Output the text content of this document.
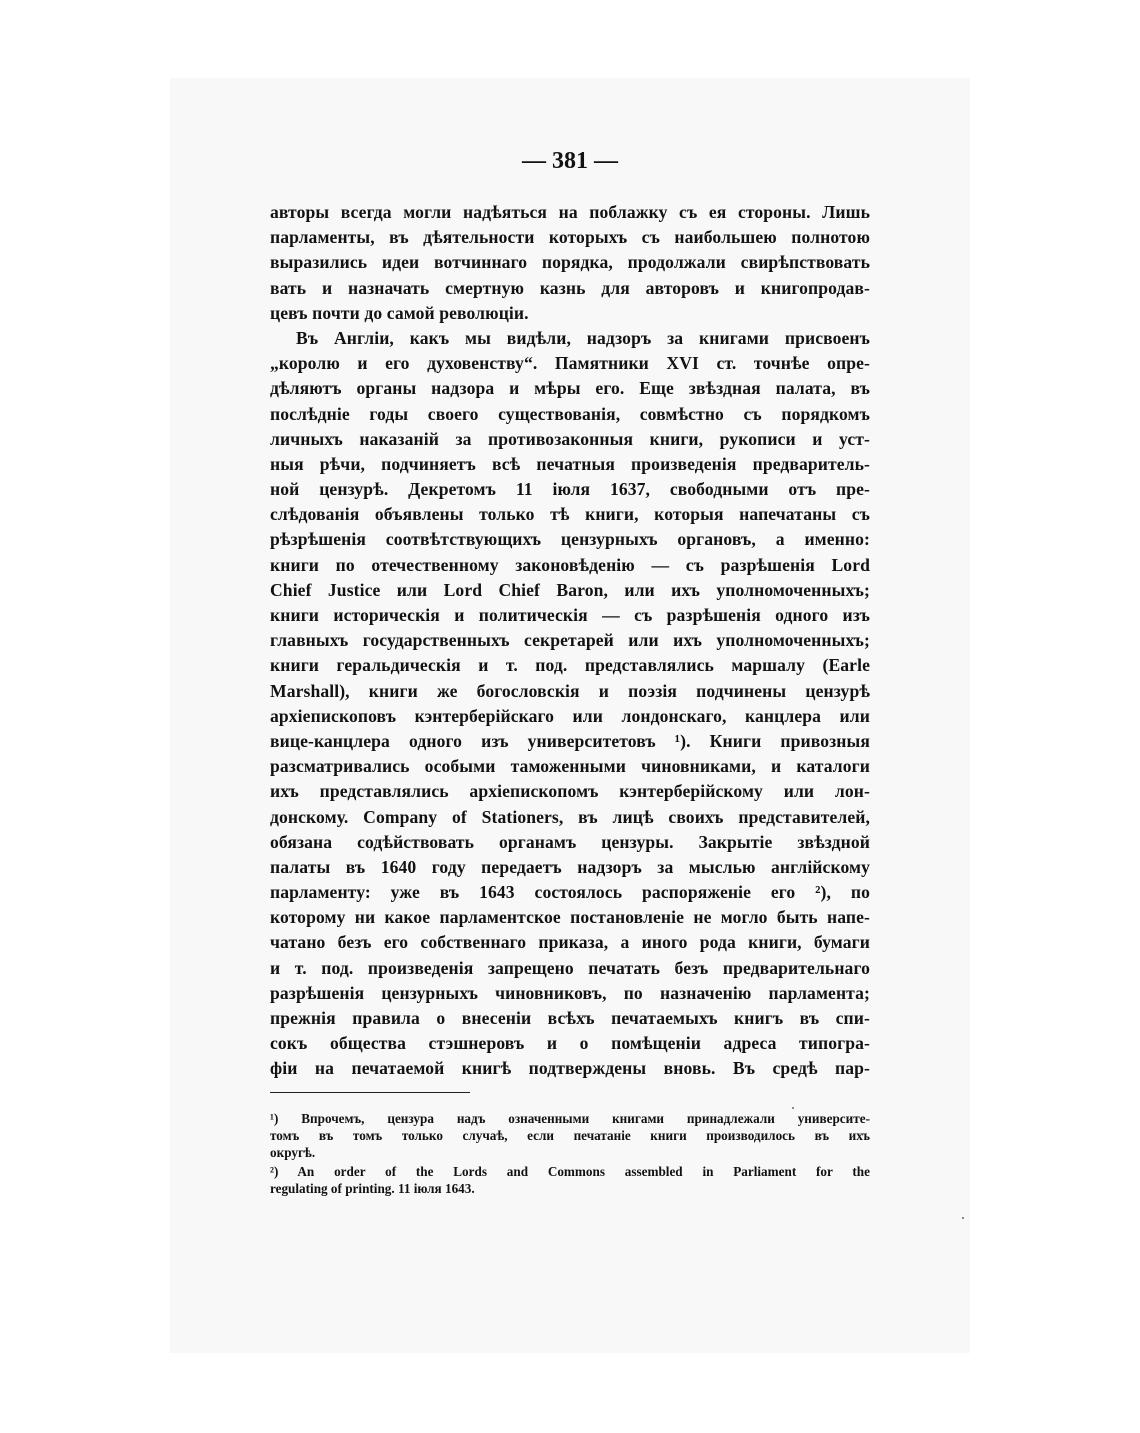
— 381 —
авторы всегда могли надѣяться на поблажку съ ея стороны. Лишь
парламенты, въ дѣятельности которыхъ съ наибольшею полнотою
выразились идеи вотчиннаго порядка, продолжали свирѣпствовать
вать и назначать смертную казнь для авторовъ и книгопродав-
цевъ почти до самой революціи.
Въ Англіи, какъ мы видѣли, надзоръ за книгами присвоенъ
„королю и его духовенству“. Памятники XVI ст. точнѣе опре-
дѣляютъ органы надзора и мѣры его. Еще звѣздная палата, въ
послѣдніе годы своего существованія, совмѣстно съ порядкомъ
личныхъ наказаній за противозаконныя книги, рукописи и уст-
ныя рѣчи, подчиняетъ всѣ печатныя произведенія предваритель-
ной цензурѣ. Декретомъ 11 іюля 1637, свободными отъ пре-
слѣдованія объявлены только тѣ книги, которыя напечатаны съ
рѣзрѣшенія соотвѣтствующихъ цензурныхъ органовъ, а именно:
книги по отечественному законовѣденію — съ разрѣшенія Lord
Chief Justice или Lord Chief Baron, или ихъ уполномоченныхъ;
книги историческія и политическія — съ разрѣшенія одного изъ
главныхъ государственныхъ секретарей или ихъ уполномоченныхъ;
книги геральдическія и т. под. представлялись маршалу (Earle
Marshall), книги же богословскія и поэзія подчинены цензурѣ
архіепископовъ кэнтерберійскаго или лондонскаго, канцлера или
вице-канцлера одного изъ университетовъ ¹). Книги привозныя
разсматривались особыми таможенными чиновниками, и каталоги
ихъ представлялись архіепископомъ кэнтерберійскому или лон-
донскому. Company of Stationers, въ лицѣ своихъ представителей,
обязана содѣйствовать органамъ цензуры. Закрытіе звѣздной
палаты въ 1640 году передаетъ надзоръ за мыслью англійскому
парламенту: уже въ 1643 состоялось распоряженіе его ²), по
которому ни какое парламентское постановленіе не могло быть напе-
чатано безъ его собственнаго приказа, а иного рода книги, бумаги
и т. под. произведенія запрещено печатать безъ предварительнаго
разрѣшенія цензурныхъ чиновниковъ, по назначенію парламента;
прежнія правила о внесеніи всѣхъ печатаемыхъ книгъ въ спи-
сокъ общества стэшнеровъ и о помѣщеніи адреса типогра-
фіи на печатаемой книгѣ подтверждены вновь. Въ средѣ пар-
¹) Впрочемъ, цензура надъ означенными книгами принадлежали университе-
томъ въ томъ только случаѣ, если печатаніе книги производилось въ ихъ
округѣ.
²) An order of the Lords and Commons assembled in Parliament for the
regulating of printing. 11 іюля 1643.
